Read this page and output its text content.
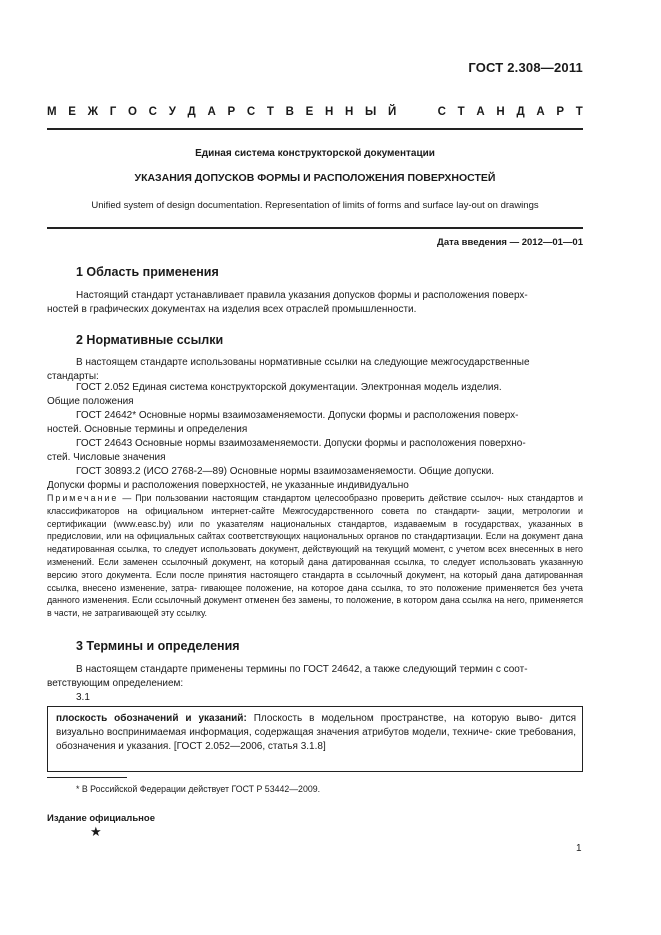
ГОСТ 2.308—2011
М Е Ж Г О С У Д А Р С Т В Е Н Н Ы Й	С Т А Н Д А Р Т
Единая система конструкторской документации
УКАЗАНИЯ ДОПУСКОВ ФОРМЫ И РАСПОЛОЖЕНИЯ ПОВЕРХНОСТЕЙ
Unified system of design documentation. Representation of limits of forms and surface lay-out on drawings
Дата введения — 2012—01—01
1 Область применения

Настоящий стандарт устанавливает правила указания допусков формы и расположения поверх-
ностей в графических документах на изделия всех отраслей промышленности.

2 Нормативные ссылки

В настоящем стандарте использованы нормативные ссылки на следующие межгосударственные
стандарты:

ГОСТ 2.052 Единая система конструкторской документации. Электронная модель изделия.
Общие положения
ГОСТ 24642* Основные нормы взаимозаменяемости. Допуски формы и расположения поверх-
ностей. Основные термины и определения
ГОСТ 24643 Основные нормы взаимозаменяемости. Допуски формы и расположения поверхно-
стей. Числовые значения
ГОСТ 30893.2 (ИСО 2768-2—89) Основные нормы взаимозаменяемости. Общие допуски.
Допуски формы и расположения поверхностей, не указанные индивидуально

Примечание — При пользовании настоящим стандартом целесообразно проверить действие ссылоч- ных стандартов и классификаторов на официальном интернет-сайте Межгосударственного совета по стандарти- зации, метрологии и сертификации (www.easc.by) или по указателям национальных стандартов, издаваемым в государствах, указанных в предисловии, или на официальных сайтах соответствующих национальных органов по стандартизации. Если на документ дана недатированная ссылка, то следует использовать документ, действующий на текущий момент, с учетом всех внесенных в него изменений. Если заменен ссылочный документ, на который дана датированная ссылка, то следует использовать указанную версию этого документа. Если после принятия настоящего стандарта в ссылочный документ, на который дана датированная ссылка, внесено изменение, затра- гивающее положение, на которое дана ссылка, то это положение применяется без учета данного изменения. Если ссылочный документ отменен без замены, то положение, в котором дана ссылка на него, применяется в части, не затрагивающей эту ссылку.

3 Термины и определения

В настоящем стандарте применены термины по ГОСТ 24642, а также следующий термин с соот-
ветствующим определением:
3.1

плоскость обозначений и указаний: Плоскость в модельном пространстве, на которую выво- дится визуально воспринимаемая информация, содержащая значения атрибутов модели, техниче- ские требования, обозначения и указания. [ГОСТ 2.052—2006, статья 3.1.8]

* В Российской Федерации действует ГОСТ Р 53442—2009.
Издание официальное
★
1
